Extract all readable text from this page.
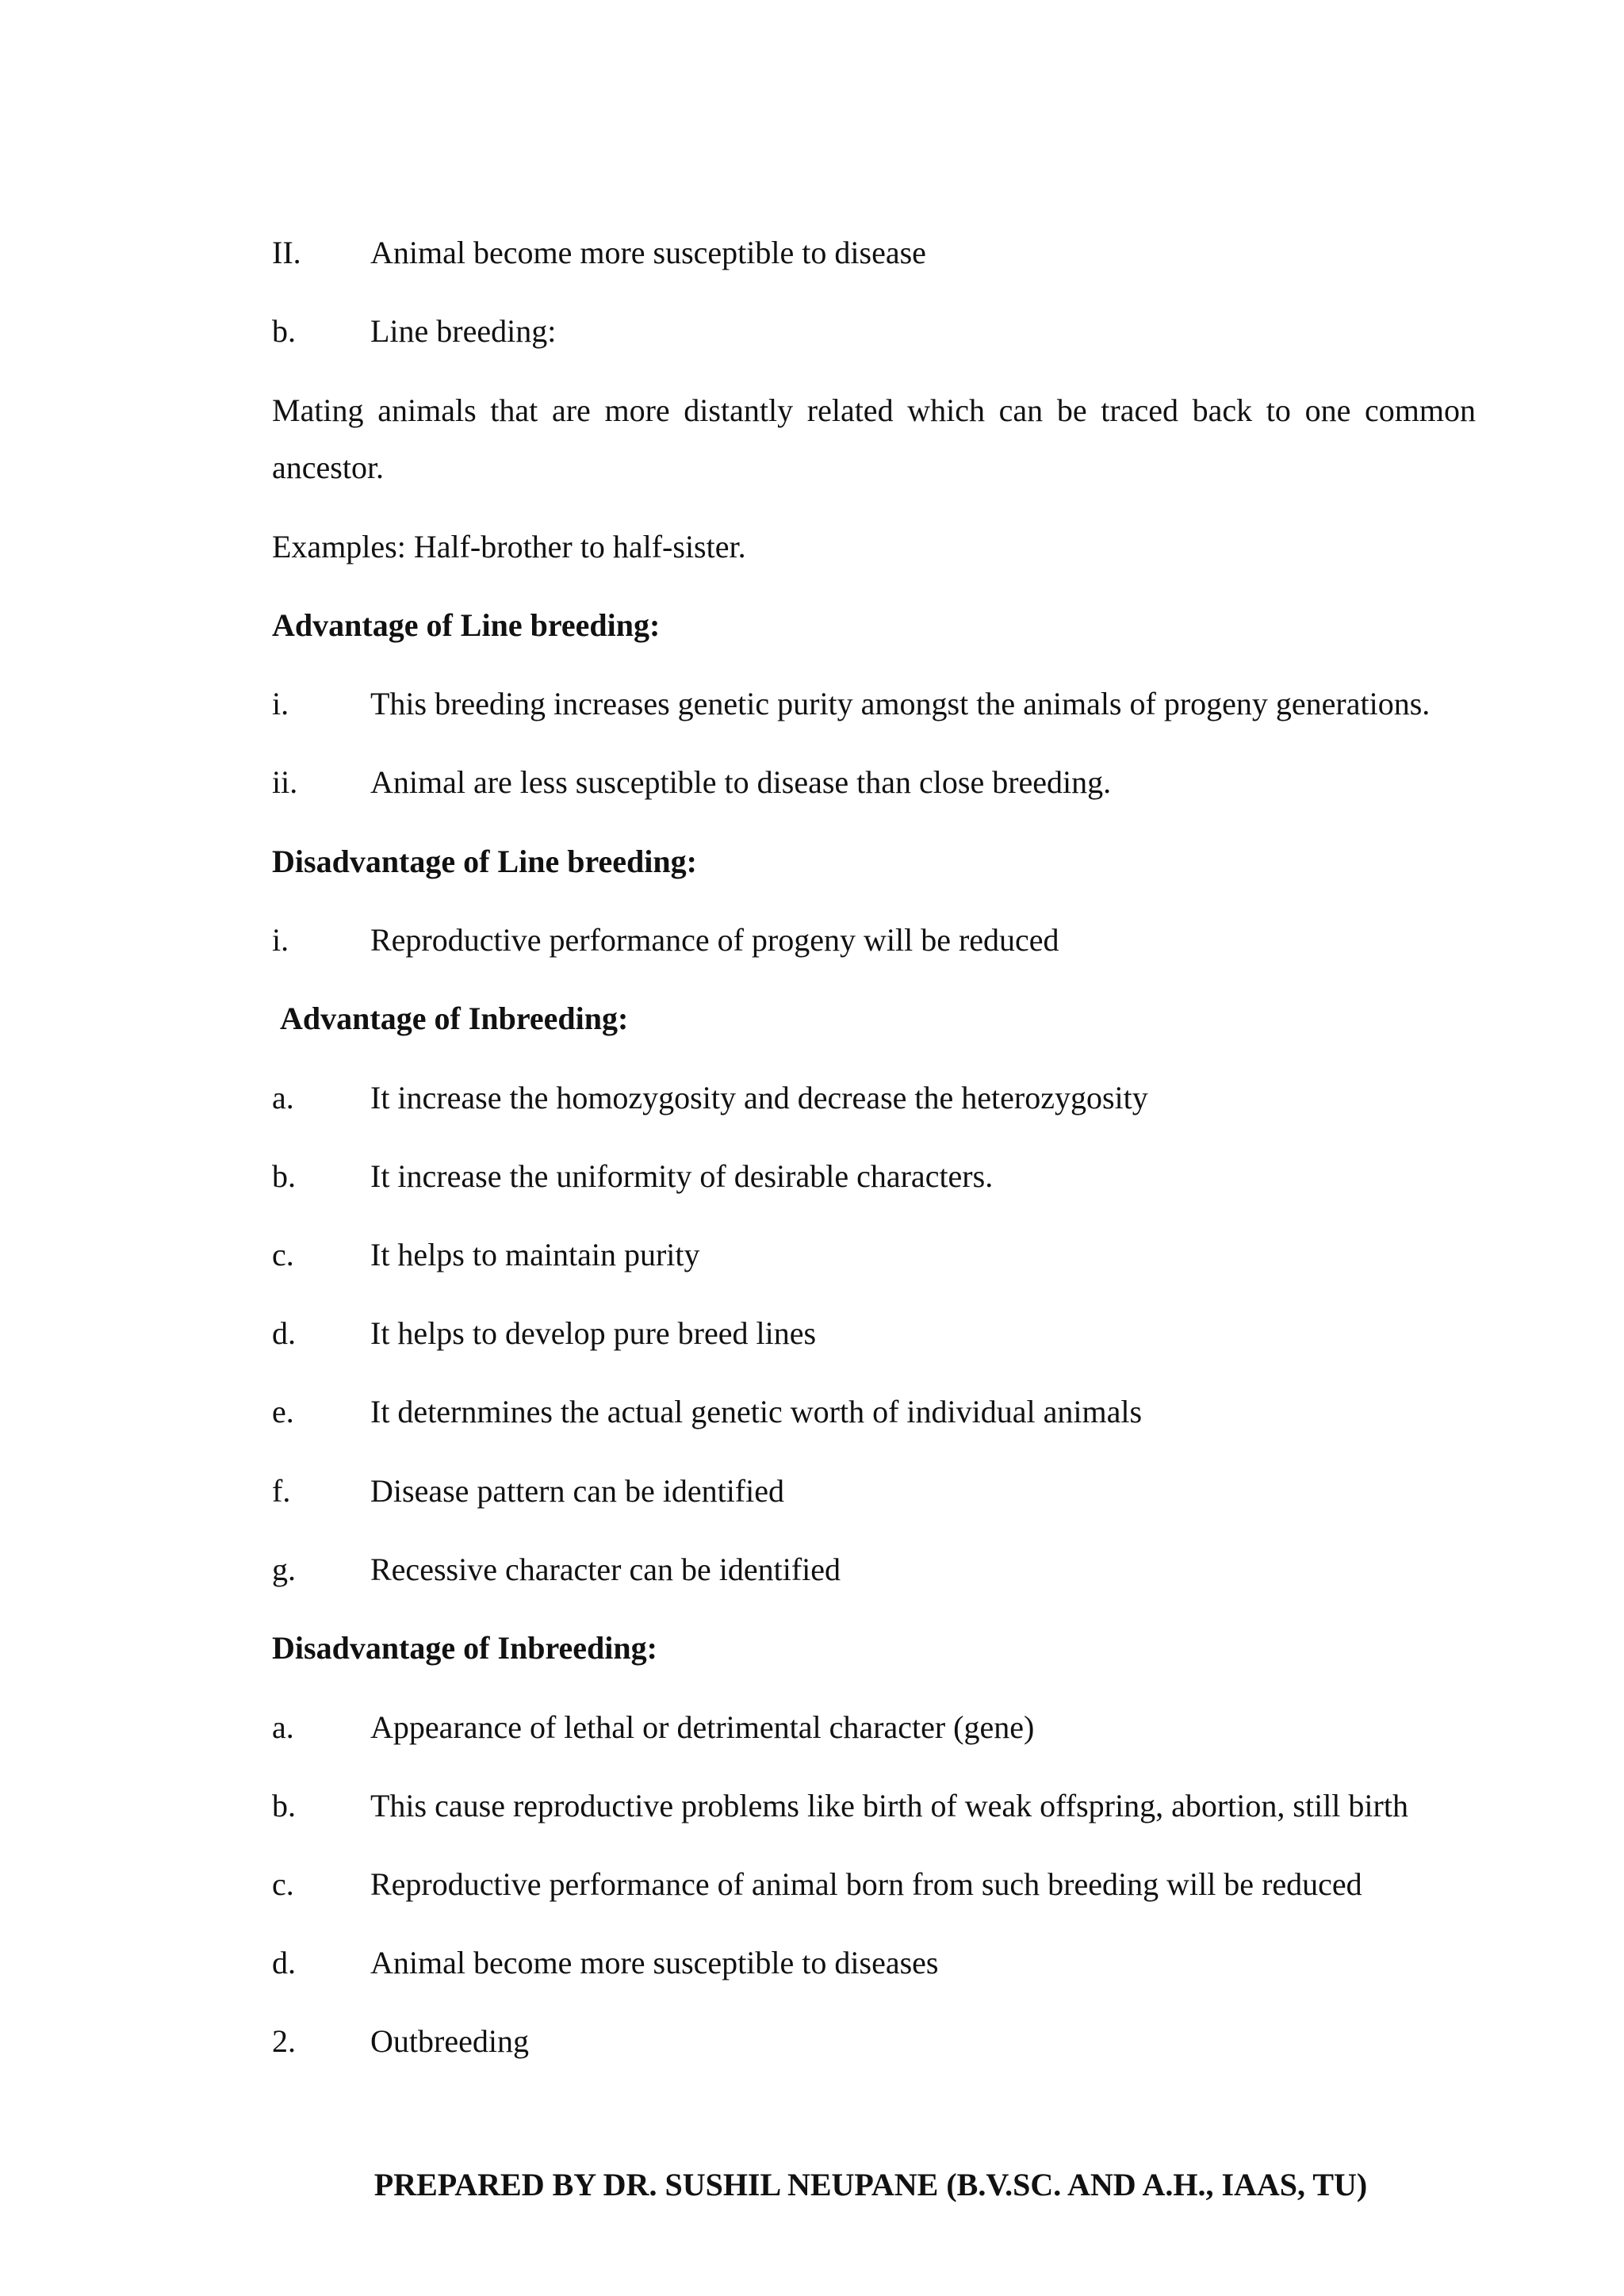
II. Animal become more susceptible to disease
b. Line breeding:
Mating animals that are more distantly related which can be traced back to one common
ancestor.
Examples: Half-brother to half-sister.
Advantage of Line breeding:
i.	This breeding increases genetic purity amongst the animals of progeny generations.
ii. Animal are less susceptible to disease than close breeding.
Disadvantage of Line breeding:
i.	Reproductive performance of progeny will be reduced
Advantage of Inbreeding:
a. It increase the homozygosity and decrease the heterozygosity
b. It increase the uniformity of desirable characters.
c. It helps to maintain purity
d. It helps to develop pure breed lines
e. It deternmines the actual genetic worth of individual animals
f.	Disease pattern can be identified
g. Recessive character can be identified
Disadvantage of Inbreeding:
a. Appearance of lethal or detrimental character (gene)
b. This cause reproductive problems like birth of weak offspring, abortion, still birth
c. Reproductive performance of animal born from such breeding will be reduced
d. Animal become more susceptible to diseases
2. Outbreeding
PREPARED BY DR. SUSHIL NEUPANE (B.V.SC. AND A.H., IAAS, TU)
